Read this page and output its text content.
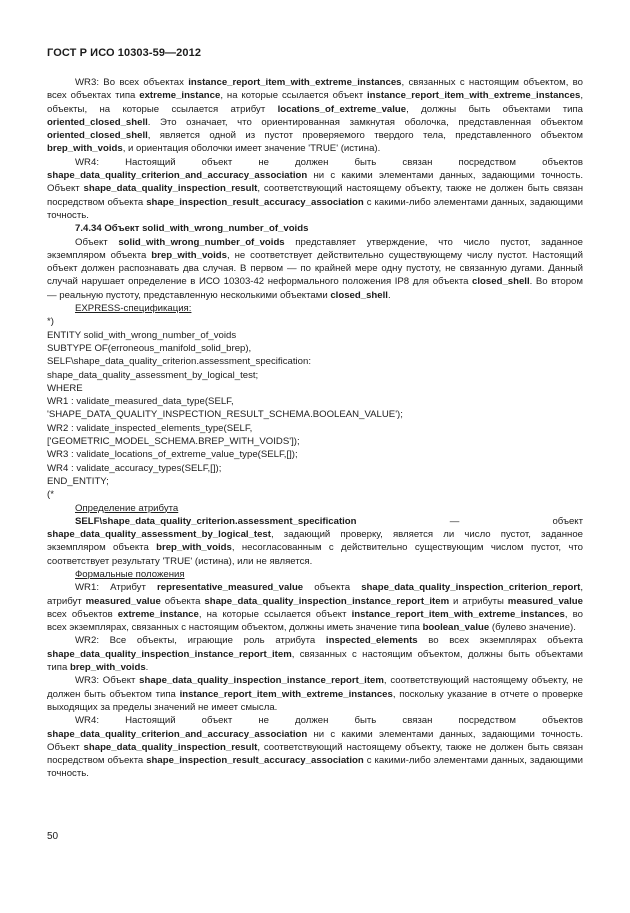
ГОСТ Р ИСО 10303-59—2012

WR3: Во всех объектах instance_report_item_with_extreme_instances, связанных с настоящим объектом, во всех объектах типа extreme_instance, на которые ссылается объект instance_report_item_with_extreme_instances, объекты, на которые ссылается атрибут locations_of_extreme_value, должны быть объектами типа oriented_closed_shell. Это означает, что ориентированная замкнутая оболочка, представленная объектом oriented_closed_shell, является одной из пустот проверяемого твердого тела, представленного объектом brep_with_voids, и ориентация оболочки имеет значение 'TRUE' (истина).

WR4: Настоящий объект не должен быть связан посредством объектов shape_data_quality_criterion_and_accuracy_association ни с какими элементами данных, задающими точность. Объект shape_data_quality_inspection_result, соответствующий настоящему объекту, также не должен быть связан посредством объекта shape_inspection_result_accuracy_association с какими-либо элементами данных, задающими точность.

7.4.34 Объект solid_with_wrong_number_of_voids

Объект solid_with_wrong_number_of_voids представляет утверждение, что число пустот, заданное экземпляром объекта brep_with_voids, не соответствует действительно существующему числу пустот. Настоящий объект должен распознавать два случая. В первом — по крайней мере одну пустоту, не связанную дугами. Данный случай нарушает определение в ИСО 10303-42 неформального положения IP8 для объекта closed_shell. Во втором — реальную пустоту, представленную несколькими объектами closed_shell.

EXPRESS-спецификация:

*)

ENTITY solid_with_wrong_number_of_voids

SUBTYPE OF(erroneous_manifold_solid_brep),

SELF\shape_data_quality_criterion.assessment_specification:

shape_data_quality_assessment_by_logical_test;

WHERE

WR1 : validate_measured_data_type(SELF,

'SHAPE_DATA_QUALITY_INSPECTION_RESULT_SCHEMA.BOOLEAN_VALUE');

WR2 : validate_inspected_elements_type(SELF,

['GEOMETRIC_MODEL_SCHEMA.BREP_WITH_VOIDS']);

WR3 : validate_locations_of_extreme_value_type(SELF,[]);

WR4 : validate_accuracy_types(SELF,[]);

END_ENTITY;

(*

Определение атрибута

SELF\shape_data_quality_criterion.assessment_specification — объект shape_data_quality_assessment_by_logical_test, задающий проверку, является ли число пустот, заданное экземпляром объекта brep_with_voids, несогласованным с действительно существующим числом пустот, что соответствует результату 'TRUE' (истина), или не является.

Формальные положения

WR1: Атрибут representative_measured_value объекта shape_data_quality_inspection_criterion_report, атрибут measured_value объекта shape_data_quality_inspection_instance_report_item и атрибуты measured_value всех объектов extreme_instance, на которые ссылается объект instance_report_item_with_extreme_instances, во всех экземплярах, связанных с настоящим объектом, должны иметь значение типа boolean_value (булево значение).

WR2: Все объекты, играющие роль атрибута inspected_elements во всех экземплярах объекта shape_data_quality_inspection_instance_report_item, связанных с настоящим объектом, должны быть объектами типа brep_with_voids.

WR3: Объект shape_data_quality_inspection_instance_report_item, соответствующий настоящему объекту, не должен быть объектом типа instance_report_item_with_extreme_instances, поскольку указание в отчете о проверке выходящих за пределы значений не имеет смысла.

WR4: Настоящий объект не должен быть связан посредством объектов shape_data_quality_criterion_and_accuracy_association ни с какими элементами данных, задающими точность. Объект shape_data_quality_inspection_result, соответствующий настоящему объекту, также не должен быть связан посредством объекта shape_inspection_result_accuracy_association с какими-либо элементами данных, задающими точность.

50
